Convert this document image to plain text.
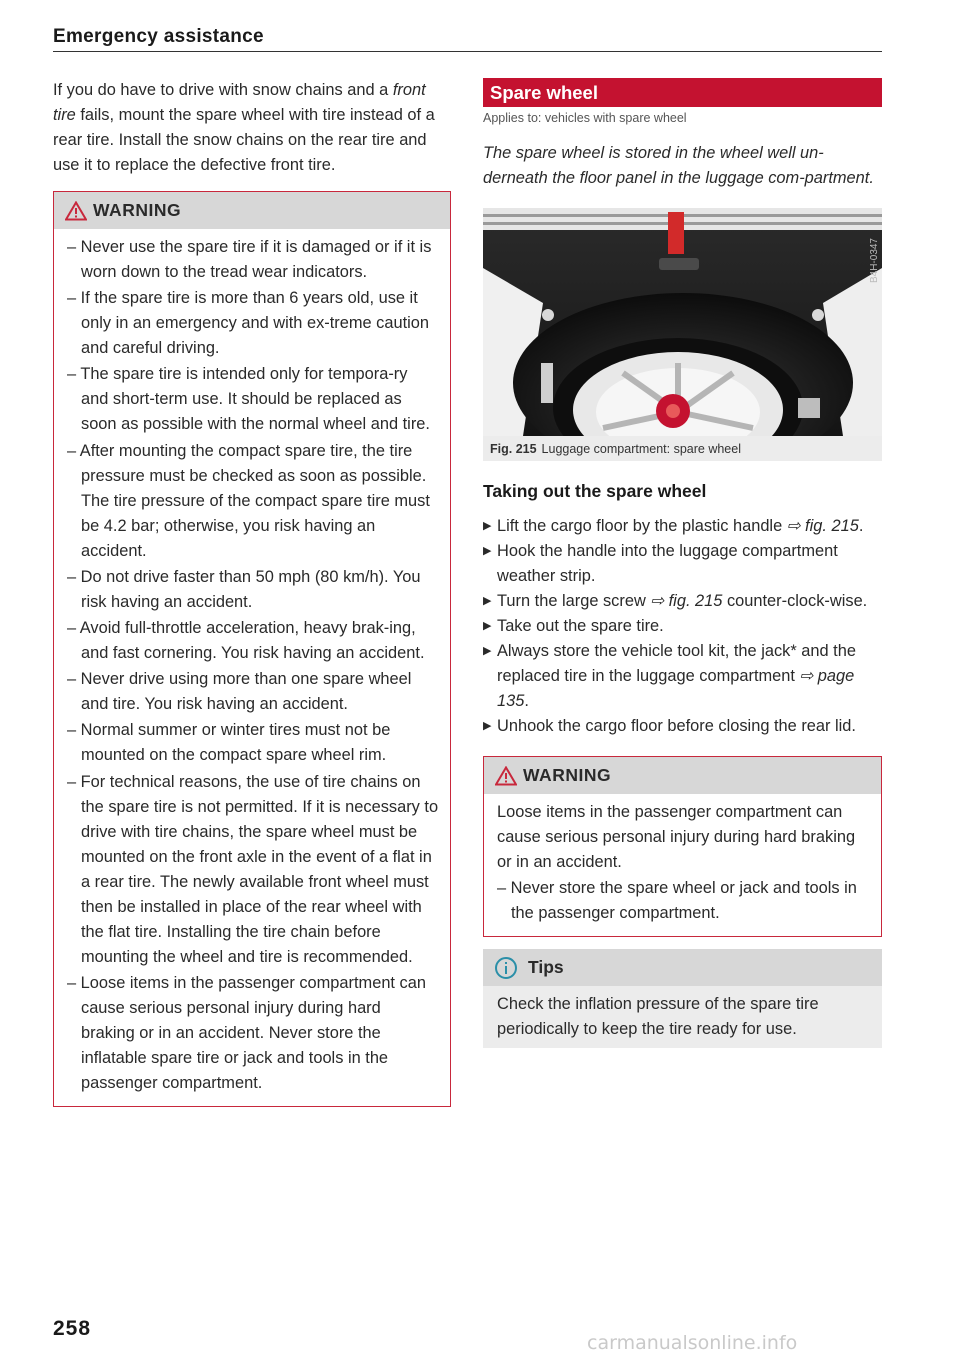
Emergency assistance

If you do have to drive with snow chains and a front tire fails, mount the spare wheel with tire instead of a rear tire. Install the snow chains on the rear tire and use it to replace the defective front tire.

WARNING
– Never use the spare tire if it is damaged or if it is worn down to the tread wear indicators.
– If the spare tire is more than 6 years old, use it only in an emergency and with ex-treme caution and careful driving.
– The spare tire is intended only for tempora-ry and short-term use. It should be replaced as soon as possible with the normal wheel and tire.
– After mounting the compact spare tire, the tire pressure must be checked as soon as possible. The tire pressure of the compact spare tire must be 4.2 bar; otherwise, you risk having an accident.
– Do not drive faster than 50 mph (80 km/h). You risk having an accident.
– Avoid full-throttle acceleration, heavy brak-ing, and fast cornering. You risk having an accident.
– Never drive using more than one spare wheel and tire. You risk having an accident.
– Normal summer or winter tires must not be mounted on the compact spare wheel rim.
– For technical reasons, the use of tire chains on the spare tire is not permitted. If it is necessary to drive with tire chains, the spare wheel must be mounted on the front axle in the event of a flat in a rear tire. The newly available front wheel must then be installed in place of the rear wheel with the flat tire. Installing the tire chain before mounting the wheel and tire is recommended.
– Loose items in the passenger compartment can cause serious personal injury during hard braking or in an accident. Never store the inflatable spare tire or jack and tools in the passenger compartment.
Spare wheel
Applies to: vehicles with spare wheel
The spare wheel is stored in the wheel well un-derneath the floor panel in the luggage com-partment.
B4H-0347
Fig. 215 Luggage compartment: spare wheel
Taking out the spare wheel
▶ Lift the cargo floor by the plastic handle ⇨ fig. 215.
▶ Hook the handle into the luggage compartment weather strip.
▶ Turn the large screw ⇨ fig. 215 counter-clock-wise.
▶ Take out the spare tire.
▶ Always store the vehicle tool kit, the jack* and the replaced tire in the luggage compartment ⇨ page 135.
▶ Unhook the cargo floor before closing the rear lid.
WARNING

Loose items in the passenger compartment can cause serious personal injury during hard braking or in an accident.

– Never store the spare wheel or jack and tools in the passenger compartment.
Tips
Check the inflation pressure of the spare tire periodically to keep the tire ready for use.
258
carmanualsonline.info
